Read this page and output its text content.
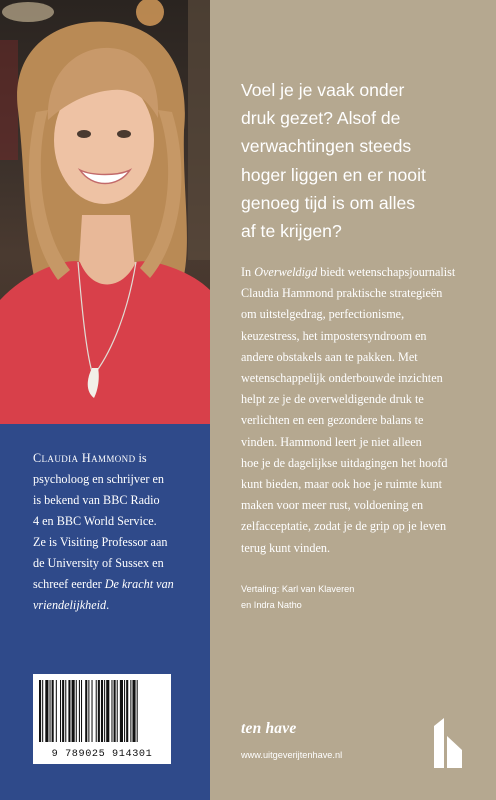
Claudia Hammond is
psycholoog en schrijver en
is bekend van BBC Radio
4 en BBC World Service.
Ze is Visiting Professor aan
de University of Sussex en
schreef eerder De kracht van
vriendelijkheid.

9 789025 914301

Voel je je vaak onder
druk gezet? Alsof de
verwachtingen steeds
hoger liggen en er nooit
genoeg tijd is om alles
af te krijgen?

In Overweldigd biedt wetenschapsjournalist
Claudia Hammond praktische strategieën
om uitstelgedrag, perfectionisme,
keuzestress, het impostersyndroom en
andere obstakels aan te pakken. Met
wetenschappelijk onderbouwde inzichten
helpt ze je de overweldigende druk te
verlichten en een gezondere balans te
vinden. Hammond leert je niet alleen
hoe je de dagelijkse uitdagingen het hoofd
kunt bieden, maar ook hoe je ruimte kunt
maken voor meer rust, voldoening en
zelfacceptatie, zodat je de grip op je leven
terug kunt vinden.

Vertaling: Karl van Klaveren
en Indra Natho

ten have
www.uitgeverijtenhave.nl
